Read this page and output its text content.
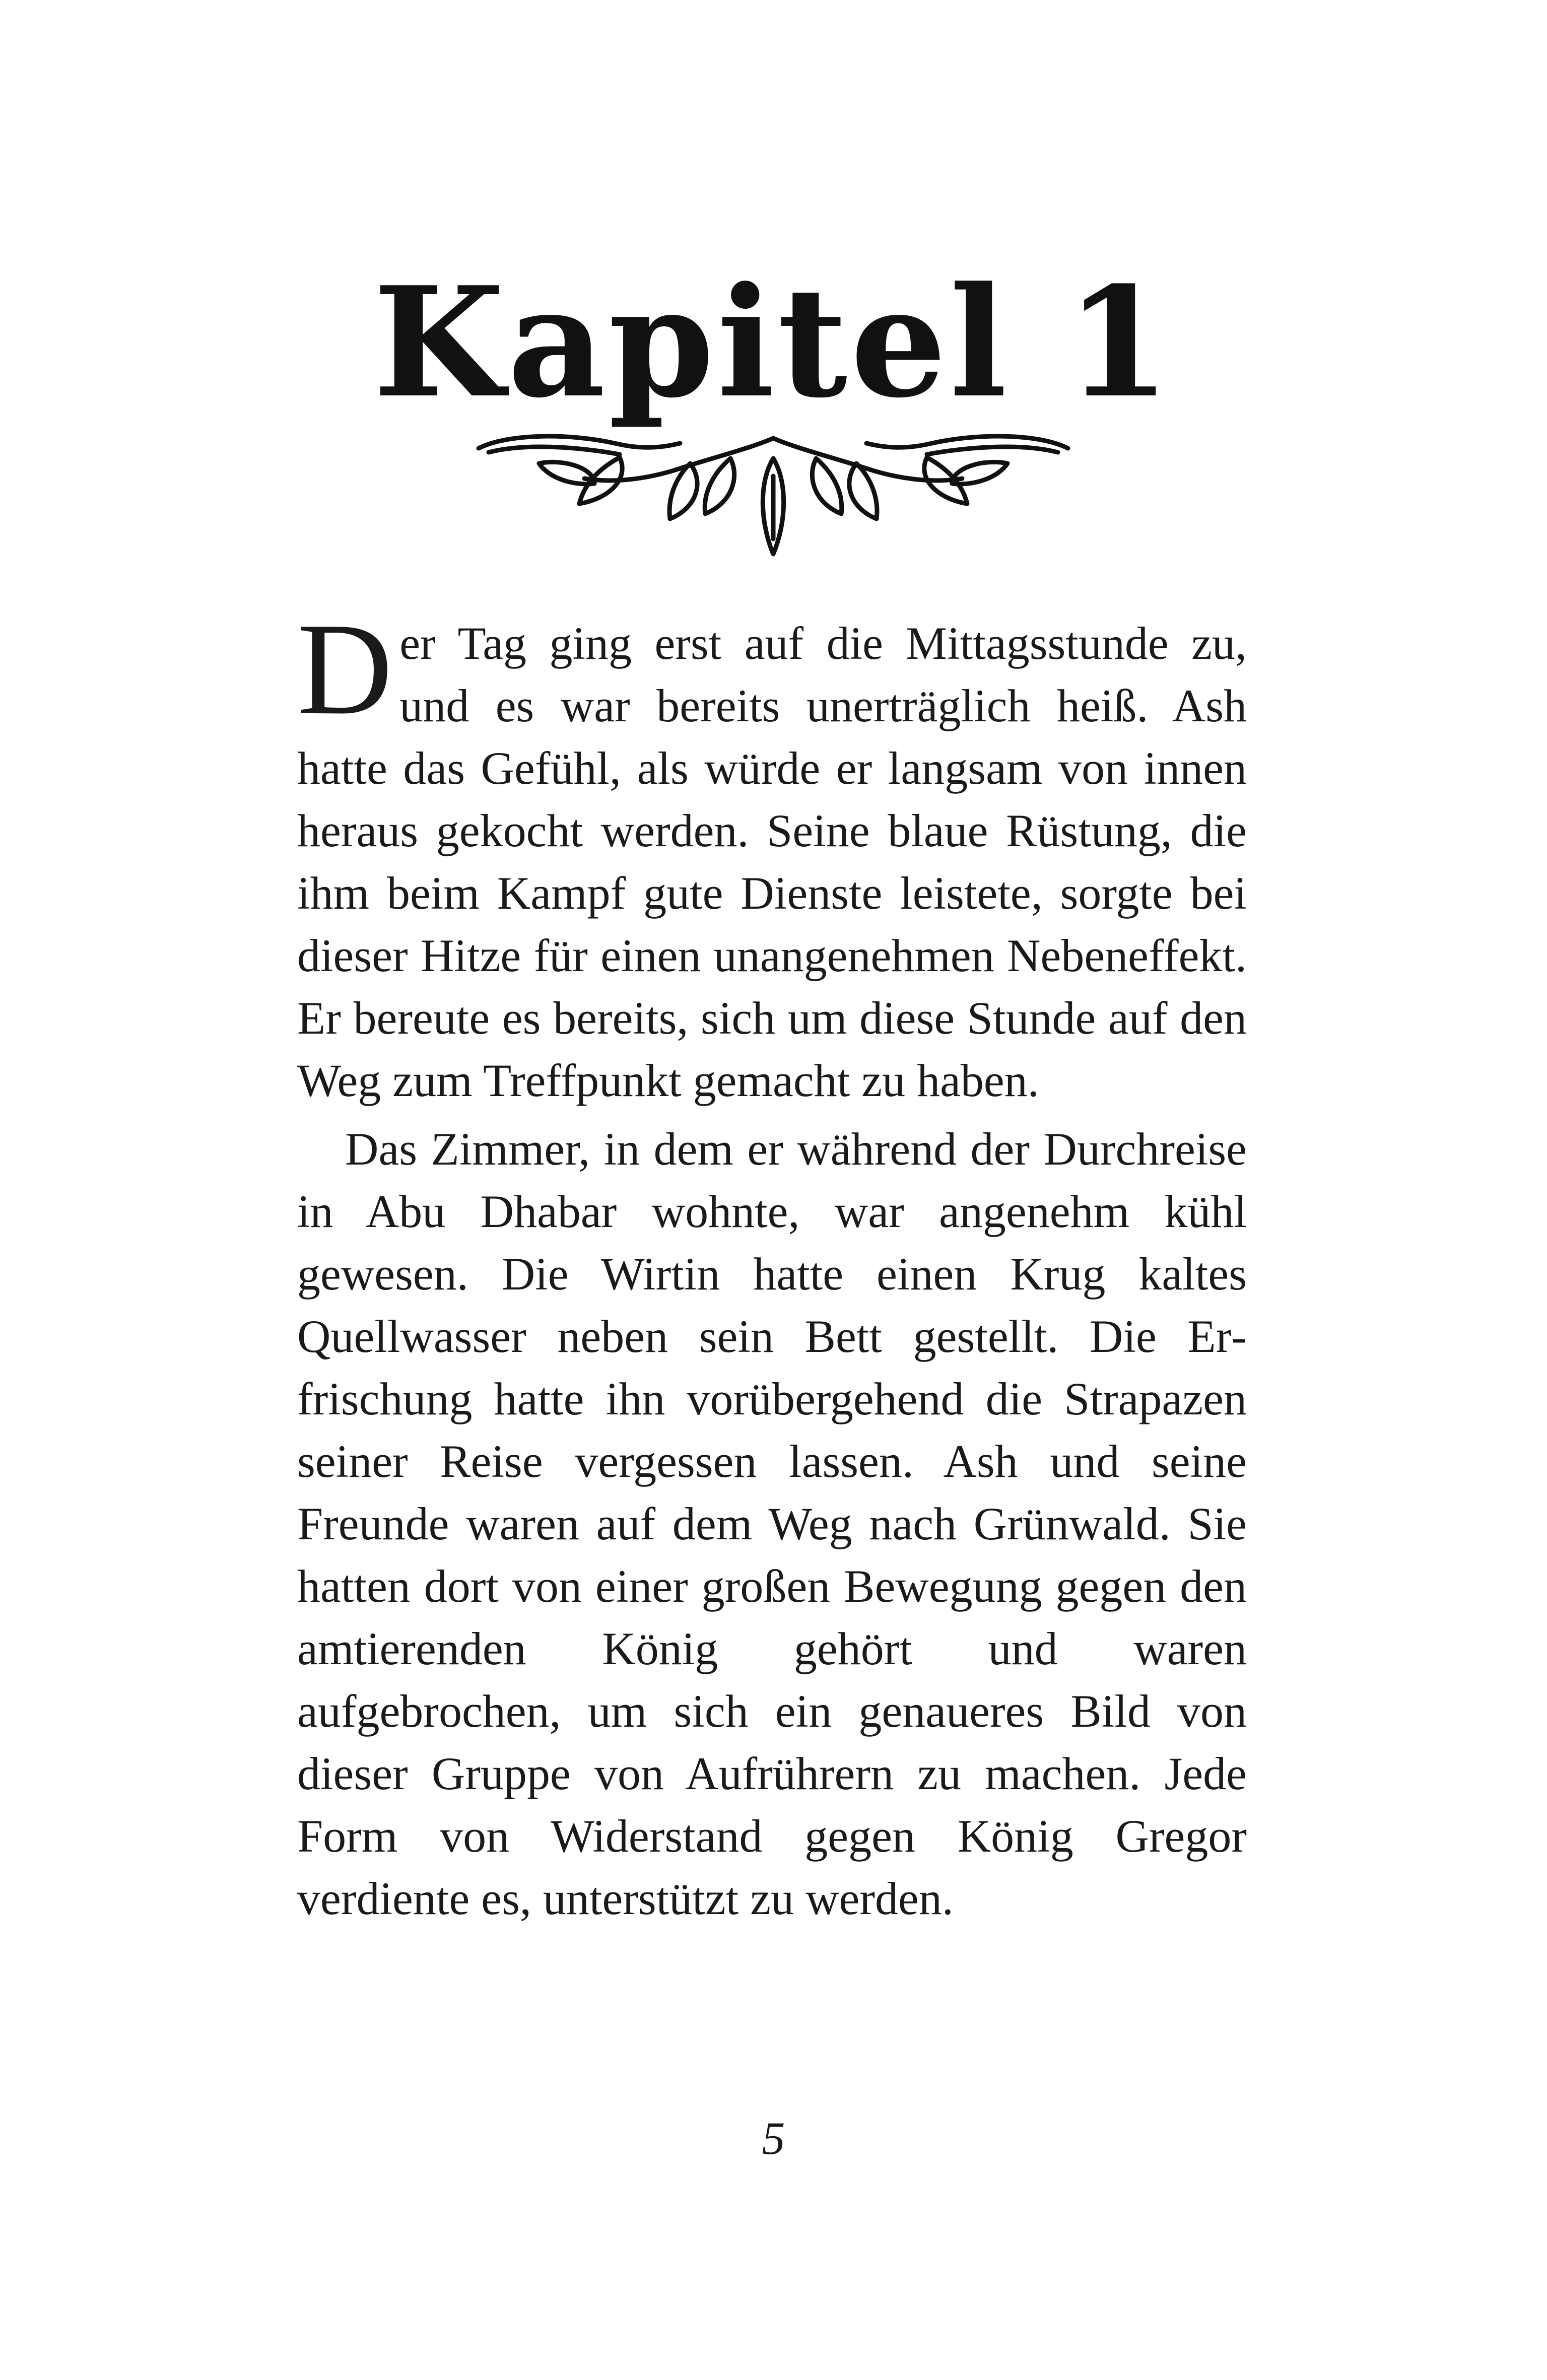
Kapitel 1

Der Tag ging erst auf die Mittagsstunde zu, und es war bereits unerträglich heiß. Ash hatte das Gefühl, als würde er langsam von innen heraus gekocht werden. Seine blaue Rüstung, die ihm beim Kampf gute Dienste leistete, sorgte bei dieser Hitze für einen unangenehmen Nebeneffekt. Er bereute es bereits, sich um diese Stunde auf den Weg zum Treffpunkt gemacht zu haben.

Das Zimmer, in dem er während der Durchreise in Abu Dhabar wohnte, war angenehm kühl gewesen. Die Wirtin hatte einen Krug kaltes Quellwasser neben sein Bett gestellt. Die Erfrischung hatte ihn vorübergehend die Strapazen seiner Reise vergessen lassen. Ash und seine Freunde waren auf dem Weg nach Grünwald. Sie hatten dort von einer großen Bewegung gegen den amtierenden König gehört und waren aufgebrochen, um sich ein genaueres Bild von dieser Gruppe von Aufrührern zu machen. Jede Form von Widerstand gegen König Gregor verdiente es, unterstützt zu werden.

5
